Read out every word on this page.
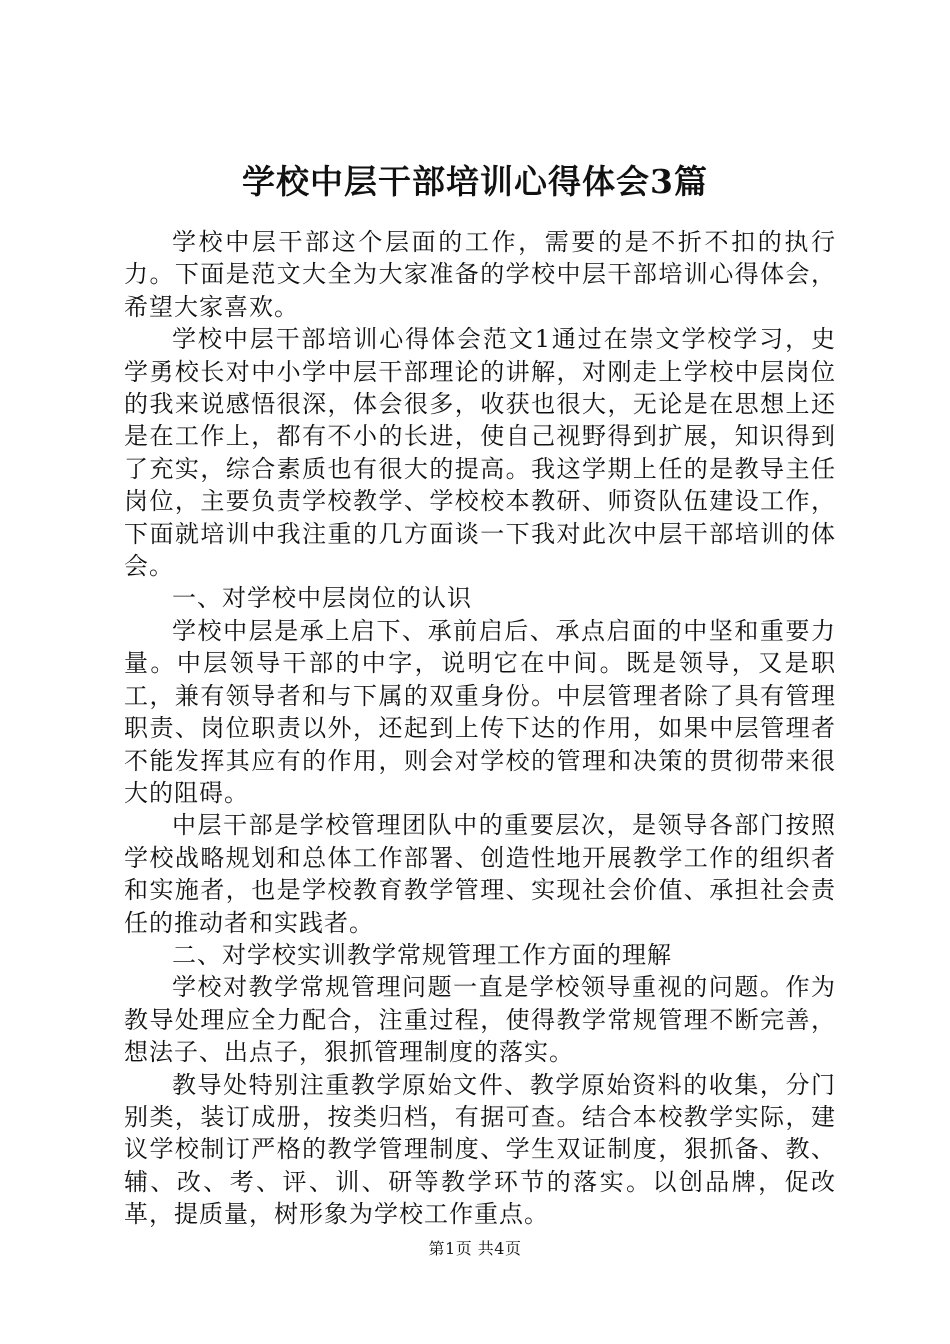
学校中层干部培训心得体会3篇

学校中层干部这个层面的工作，需要的是不折不扣的执行力。下面是范文大全为大家准备的学校中层干部培训心得体会，希望大家喜欢。

学校中层干部培训心得体会范文1通过在崇文学校学习，史学勇校长对中小学中层干部理论的讲解，对刚走上学校中层岗位的我来说感悟很深，体会很多，收获也很大，无论是在思想上还是在工作上，都有不小的长进，使自己视野得到扩展，知识得到了充实，综合素质也有很大的提高。我这学期上任的是教导主任岗位，主要负责学校教学、学校校本教研、师资队伍建设工作，下面就培训中我注重的几方面谈一下我对此次中层干部培训的体会。

一、对学校中层岗位的认识

学校中层是承上启下、承前启后、承点启面的中坚和重要力量。中层领导干部的中字，说明它在中间。既是领导，又是职工，兼有领导者和与下属的双重身份。中层管理者除了具有管理职责、岗位职责以外，还起到上传下达的作用，如果中层管理者不能发挥其应有的作用，则会对学校的管理和决策的贯彻带来很大的阻碍。

中层干部是学校管理团队中的重要层次，是领导各部门按照学校战略规划和总体工作部署、创造性地开展教学工作的组织者和实施者，也是学校教育教学管理、实现社会价值、承担社会责任的推动者和实践者。

二、对学校实训教学常规管理工作方面的理解

学校对教学常规管理问题一直是学校领导重视的问题。作为教导处理应全力配合，注重过程，使得教学常规管理不断完善，想法子、出点子，狠抓管理制度的落实。

教导处特别注重教学原始文件、教学原始资料的收集，分门别类，装订成册，按类归档，有据可查。结合本校教学实际，建议学校制订严格的教学管理制度、学生双证制度，狠抓备、教、辅、改、考、评、训、研等教学环节的落实。以创品牌，促改革，提质量，树形象为学校工作重点。

第1页 共4页
